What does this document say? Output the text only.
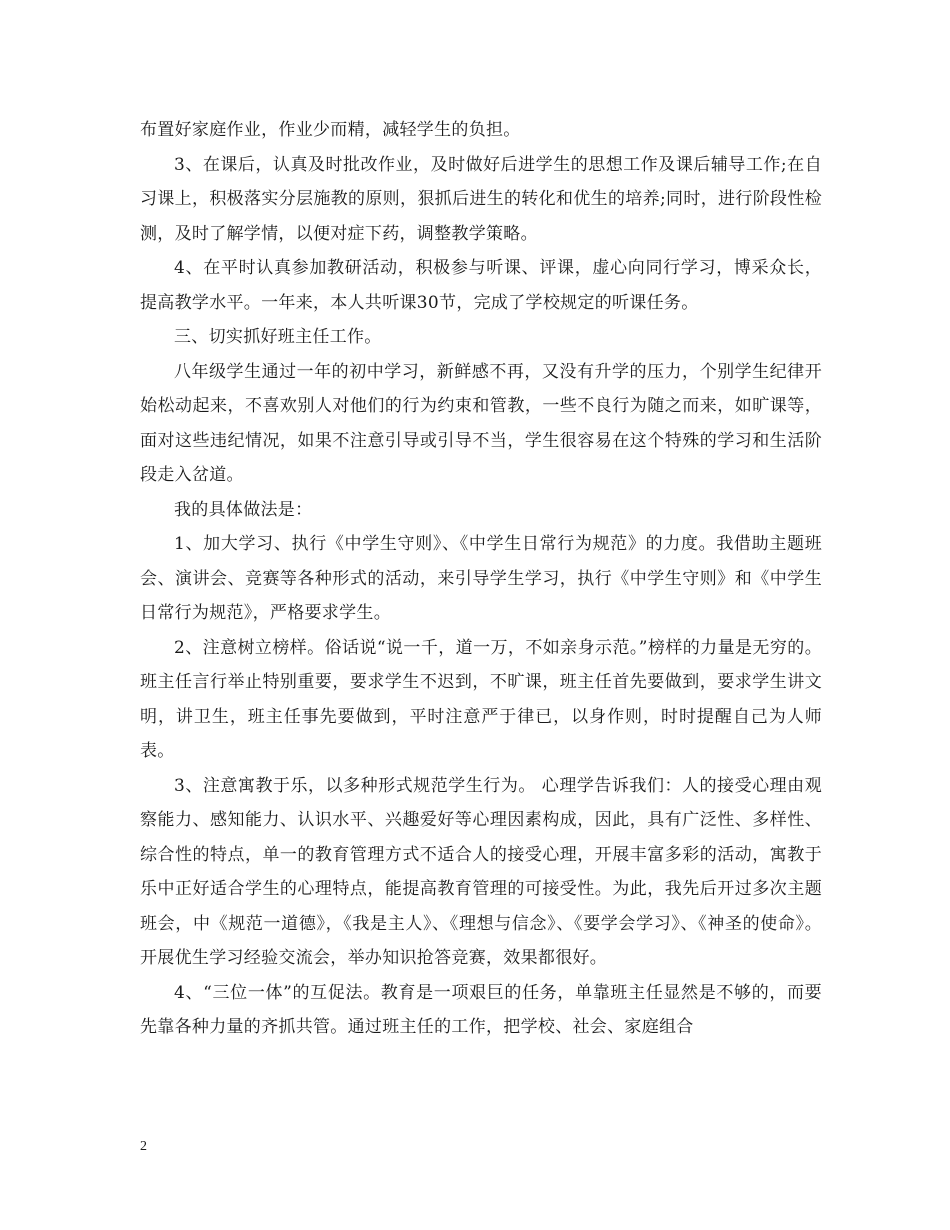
布置好家庭作业，作业少而精，减轻学生的负担。

3、在课后，认真及时批改作业，及时做好后进学生的思想工作及课后辅导工作;在自习课上，积极落实分层施教的原则，狠抓后进生的转化和优生的培养;同时，进行阶段性检测，及时了解学情，以便对症下药，调整教学策略。

4、在平时认真参加教研活动，积极参与听课、评课，虚心向同行学习，博采众长，提高教学水平。一年来，本人共听课30节，完成了学校规定的听课任务。

三、切实抓好班主任工作。

八年级学生通过一年的初中学习，新鲜感不再，又没有升学的压力，个别学生纪律开始松动起来，不喜欢别人对他们的行为约束和管教，一些不良行为随之而来，如旷课等，面对这些违纪情况，如果不注意引导或引导不当，学生很容易在这个特殊的学习和生活阶段走入岔道。

我的具体做法是：

1、加大学习、执行《中学生守则》、《中学生日常行为规范》的力度。我借助主题班会、演讲会、竞赛等各种形式的活动，来引导学生学习，执行《中学生守则》和《中学生日常行为规范》，严格要求学生。

2、注意树立榜样。俗话说“说一千，道一万，不如亲身示范。”榜样的力量是无穷的。班主任言行举止特别重要，要求学生不迟到，不旷课，班主任首先要做到，要求学生讲文明，讲卫生，班主任事先要做到，平时注意严于律已，以身作则，时时提醒自己为人师表。

3、注意寓教于乐，以多种形式规范学生行为。 心理学告诉我们：人的接受心理由观察能力、感知能力、认识水平、兴趣爱好等心理因素构成，因此，具有广泛性、多样性、综合性的特点，单一的教育管理方式不适合人的接受心理，开展丰富多彩的活动，寓教于乐中正好适合学生的心理特点，能提高教育管理的可接受性。为此，我先后开过多次主题班会，中《规范一道德》，《我是主人》、《理想与信念》、《要学会学习》、《神圣的使命》。开展优生学习经验交流会，举办知识抢答竞赛，效果都很好。

4、“三位一体”的互促法。教育是一项艰巨的任务，单靠班主任显然是不够的，而要先靠各种力量的齐抓共管。通过班主任的工作，把学校、社会、家庭组合

2
